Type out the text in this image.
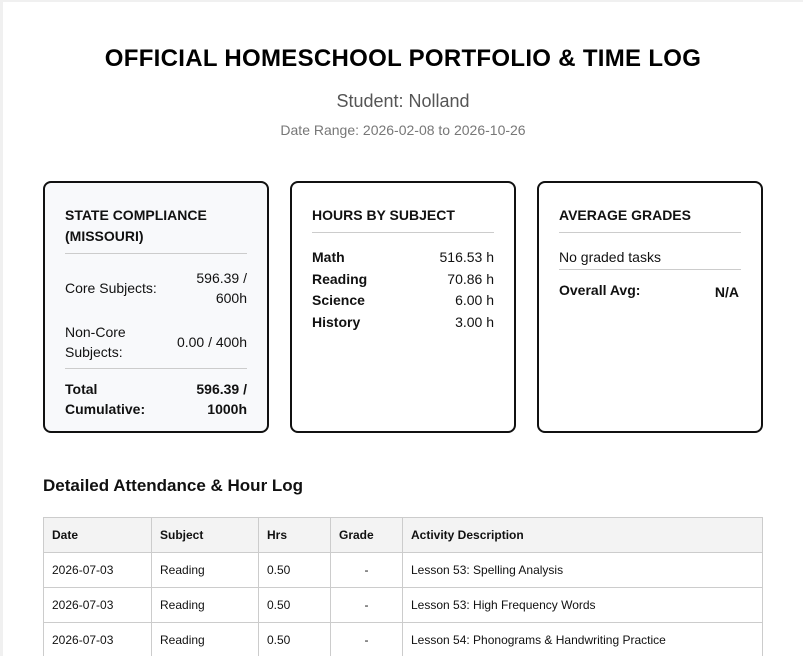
OFFICIAL HOMESCHOOL PORTFOLIO & TIME LOG
Student: Nolland
Date Range: 2026-02-08 to 2026-10-26
STATE COMPLIANCE (MISSOURI)
Core Subjects:
596.39 / 600h
Non-Core Subjects:
0.00 / 400h
Total Cumulative:
596.39 / 1000h
HOURS BY SUBJECT
Math	516.53 h
Reading	70.86 h
Science	6.00 h
History	3.00 h
AVERAGE GRADES
No graded tasks
Overall Avg:	N/A
Detailed Attendance & Hour Log
Date	Subject	Hrs	Grade	Activity Description
2026-07-03	Reading	0.50	-	Lesson 53: Spelling Analysis
2026-07-03	Reading	0.50	-	Lesson 53: High Frequency Words
2026-07-03	Reading	0.50	-	Lesson 54: Phonograms & Handwriting Practice
